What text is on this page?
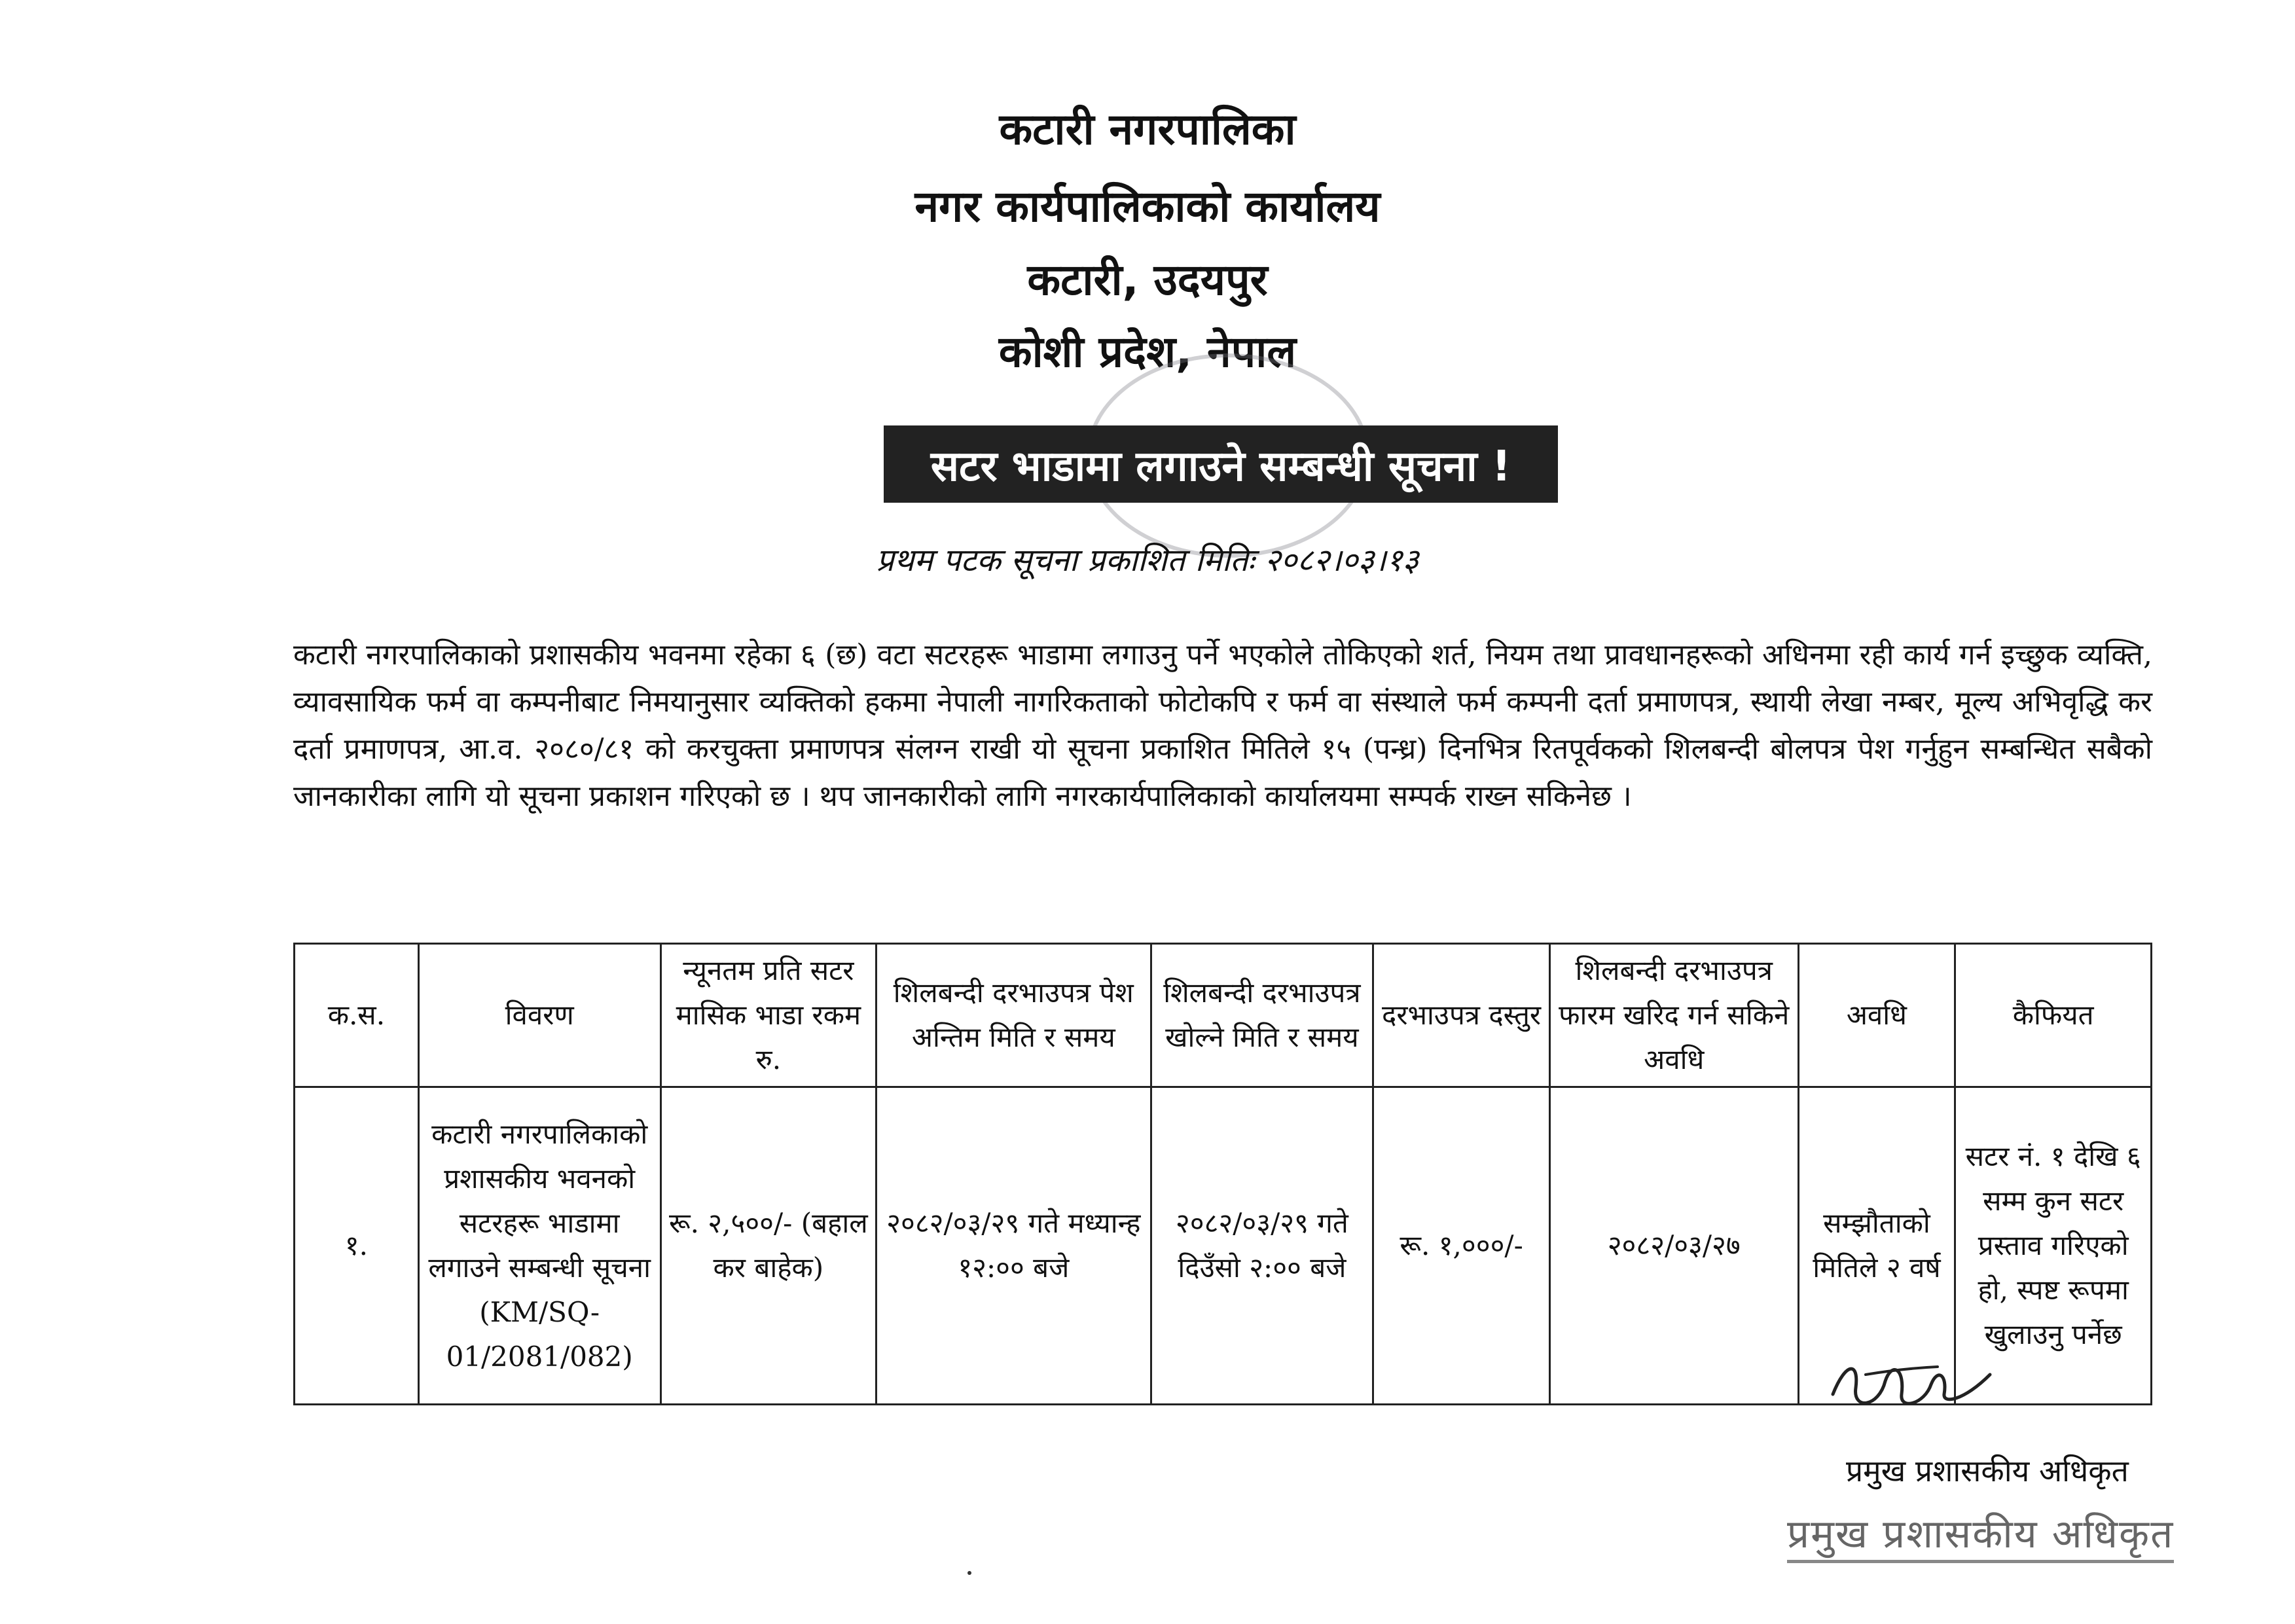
कटारी नगरपालिका
नगर कार्यपालिकाको कार्यालय
कटारी, उदयपुर
कोशी प्रदेश, नेपाल
सटर भाडामा लगाउने सम्बन्धी सूचना !
प्रथम पटक सूचना प्रकाशित मितिः २०८२।०३।१३
कटारी नगरपालिकाको प्रशासकीय भवनमा रहेका ६ (छ) वटा सटरहरू भाडामा लगाउनु पर्ने भएकोले तोकिएको शर्त, नियम तथा प्रावधानहरूको अधिनमा रही कार्य गर्न इच्छुक व्यक्ति, व्यावसायिक फर्म वा कम्पनीबाट निमयानुसार व्यक्तिको हकमा नेपाली नागरिकताको फोटोकपि र फर्म वा संस्थाले फर्म कम्पनी दर्ता प्रमाणपत्र, स्थायी लेखा नम्बर, मूल्य अभिवृद्धि कर दर्ता प्रमाणपत्र, आ.व. २०८०/८१ को करचुक्ता प्रमाणपत्र संलग्न राखी यो सूचना प्रकाशित मितिले १५ (पन्ध्र) दिनभित्र रितपूर्वकको शिलबन्दी बोलपत्र पेश गर्नुहुन सम्बन्धित सबैको जानकारीका लागि यो सूचना प्रकाशन गरिएको छ । थप जानकारीको लागि नगरकार्यपालिकाको कार्यालयमा सम्पर्क राख्न सकिनेछ ।
क.स.	विवरण	न्यूनतम प्रति सटर मासिक भाडा रकम रु.	शिलबन्दी दरभाउपत्र पेश अन्तिम मिति र समय	शिलबन्दी दरभाउपत्र खोल्ने मिति र समय	दरभाउपत्र दस्तुर	शिलबन्दी दरभाउपत्र फारम खरिद गर्न सकिने अवधि	अवधि	कैफियत
१.	कटारी नगरपालिकाको प्रशासकीय भवनको सटरहरू भाडामा लगाउने सम्बन्धी सूचना (KM/SQ-01/2081/082)	रू. २,५००/- (बहाल कर बाहेक)	२०८२/०३/२९ गते मध्यान्ह १२:०० बजे	२०८२/०३/२९ गते दिउँसो २:०० बजे	रू. १,०००/-	२०८२/०३/२७	सम्झौताको मितिले २ वर्ष	सटर नं. १ देखि ६ सम्म कुन सटर प्रस्ताव गरिएको हो, स्पष्ट रूपमा खुलाउनु पर्नेछ
प्रमुख प्रशासकीय अधिकृत
प्रमुख प्रशासकीय अधिकृत
